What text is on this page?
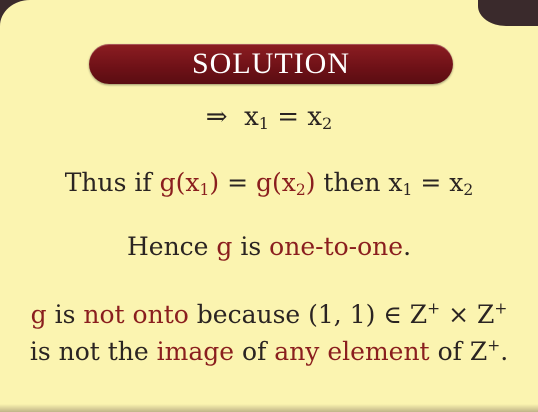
SOLUTION
⇒ $x_1 = x_2$
Thus if $g(x_1) = g(x_2)$ then $x_1 = x_2$
Hence g is one-to-one.
g is not onto because (1, 1) ∈ Z+ × Z+
is not the image of any element of Z+.
